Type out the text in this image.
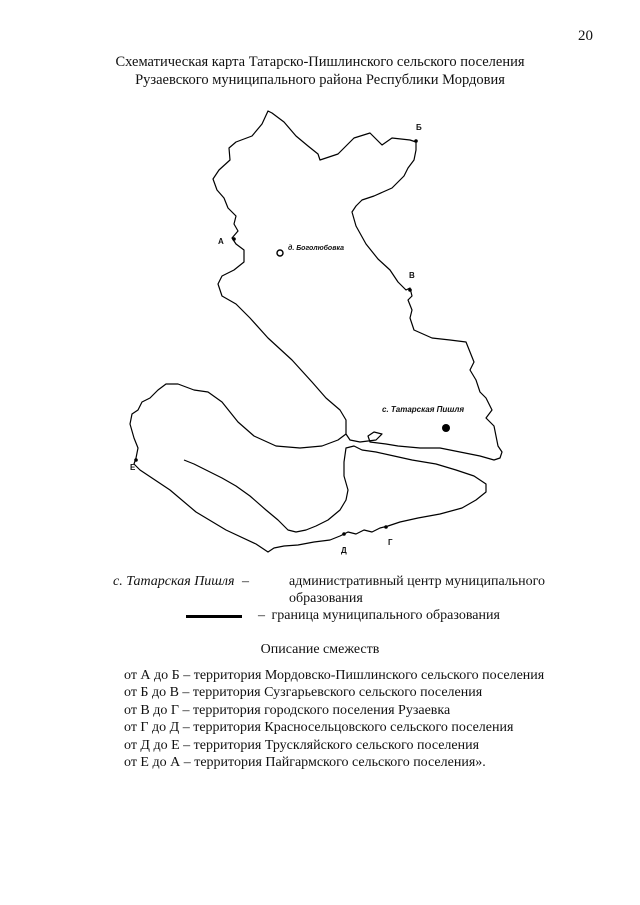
20
Схематическая карта Татарско-Пишлинского сельского поселения
Рузаевского муниципального района Республики Мордовия
А
Б
В
Г
Д
Е
д. Боголюбовка
с. Татарская Пишля
с. Татарская Пишля –	административный центр муниципального
образования
– граница муниципального образования
Описание смежеств
от А до Б – территория Мордовско-Пишлинского сельского поселения
от Б до В – территория Сузгарьевского сельского поселения
от В до Г – территория городского поселения Рузаевка
от Г до Д – территория Красносельцовского сельского поселения
от Д до Е – территория Трускляйского сельского поселения
от Е до А – территория Пайгармского сельского поселения».
